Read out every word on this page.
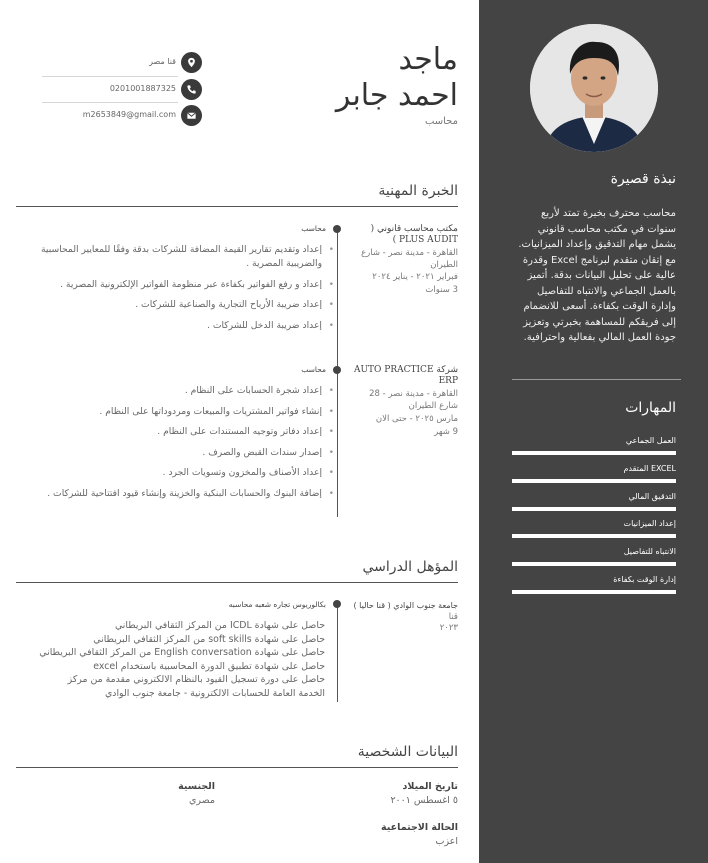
نبذة قصيرة
محاسب محترف بخبرة تمتد لأربع سنوات في مكتب محاسب قانوني يشمل مهام التدقيق وإعداد الميزانيات. مع إتقان متقدم لبرنامج Excel وقدرة عالية على تحليل البيانات بدقة. أتميز بالعمل الجماعي والانتباه للتفاصيل وإدارة الوقت بكفاءة. أسعى للانضمام إلى فريقكم للمساهمة بخبرتي وتعزيز جودة العمل المالي بفعالية واحترافية.
المهارات
العمل الجماعي
EXCEL المتقدم
التدقيق المالي
إعداد الميزانيات
الانتباه للتفاصيل
إدارة الوقت بكفاءة
ماجد
احمد جابر
محاسب
قنا مصر
0201001887325
m2653849@gmail.com
الخبرة المهنية
مكتب محاسب قانوني ( PLUS AUDIT )
القاهرة - مدينة نصر - شارع الطيران
فبراير ٢٠٢١ - يناير ٢٠٢٤
3 سنوات
محاسب
• إعداد وتقديم تقارير القيمة المضافة للشركات بدقة وفقًا للمعايير المحاسبية والضريبية المصرية .
• إعداد و رفع الفواتير بكفاءة عبر منظومة الفواتير الإلكترونية المصرية .
• إعداد ضريبة الأرباح التجارية والصناعية للشركات .
• إعداد ضريبة الدخل للشركات .
شركة AUTO PRACTICE ERP
القاهرة - مدينة نصر - 28 شارع الطيران
مارس ٢٠٢٥ - حتى الان
9 شهر
محاسب
• إعداد شجرة الحسابات على النظام .
• إنشاء فواتير المشتريات والمبيعات ومردوداتها على النظام .
• إعداد دفاتر وتوجيه المستندات على النظام .
• إصدار سندات القبض والصرف .
• إعداد الأصناف والمخزون وتسويات الجرد .
• إضافة البنوك والحسابات البنكية والخزينة وإنشاء قيود افتتاحية للشركات .
المؤهل الدراسي
جامعة جنوب الوادي ( قنا حاليا )
قنا
٢٠٢٣
بكالوريوس تجاره شعبه محاسبه
حاصل على شهادة ICDL من المركز الثقافي البريطاني
حاصل على شهادة soft skills من المركز الثقافي البريطاني
حاصل على شهادة English conversation من المركز الثقافي البريطاني
حاصل على شهادة تطبيق الدورة المحاسبية باستخدام excel
حاصل على دورة تسجيل القيود بالنظام الالكتروني مقدمة من مركز
الخدمة العامة للحسابات الالكترونية - جامعة جنوب الوادي
البيانات الشخصية
تاريخ الميلاد
٥ اغسطس ٢٠٠١
الجنسية
مصري
الحالة الاجتماعية
اعزب
